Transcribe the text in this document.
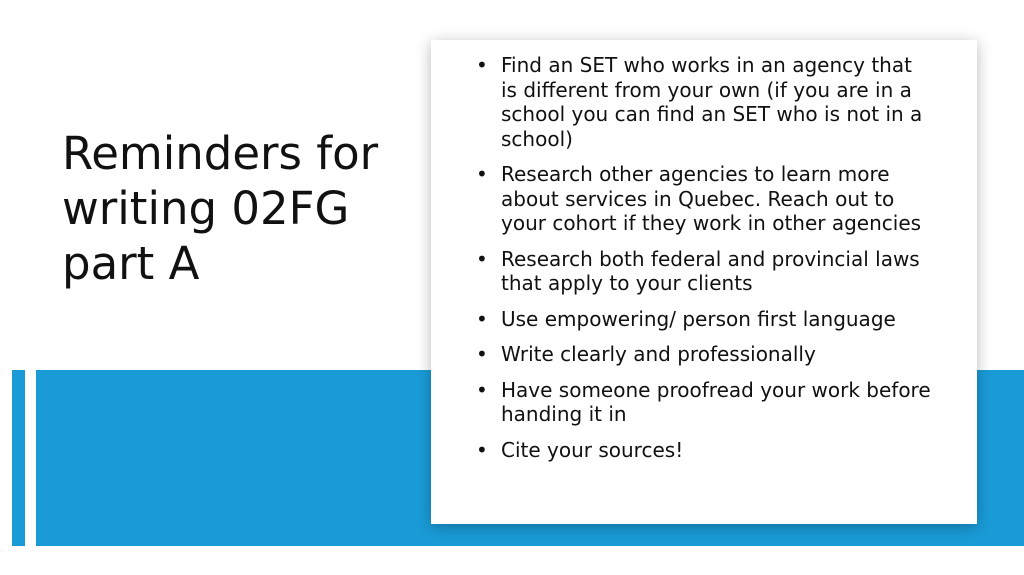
Reminders for writing 02FG part A
• Find an SET who works in an agency that is different from your own (if you are in a school you can find an SET who is not in a school)
• Research other agencies to learn more about services in Quebec. Reach out to your cohort if they work in other agencies
• Research both federal and provincial laws that apply to your clients
• Use empowering/ person first language
• Write clearly and professionally
• Have someone proofread your work before handing it in
• Cite your sources!
